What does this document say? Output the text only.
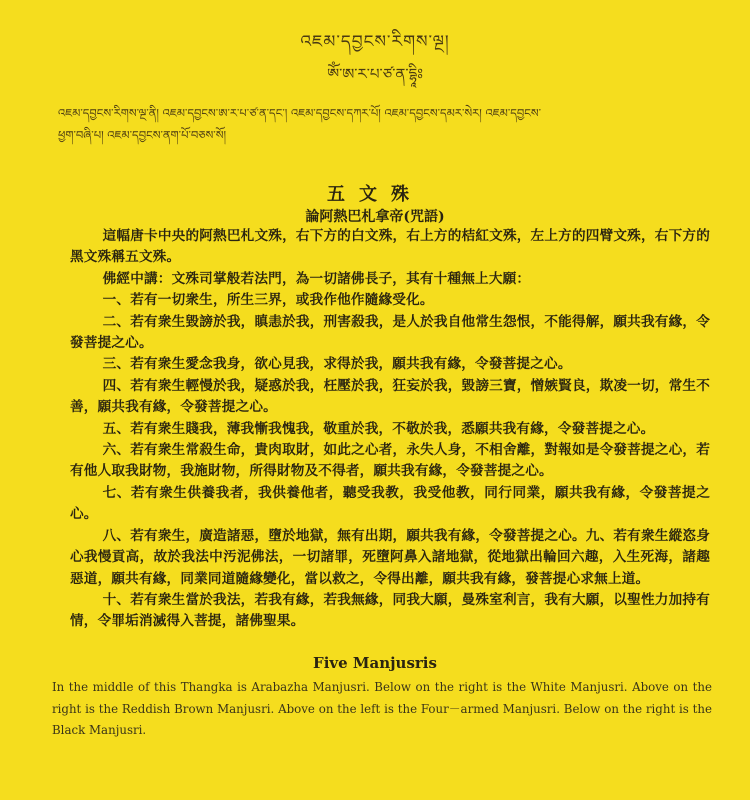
འཇམ་དབྱངས་རིགས་ལྔ།
ཨོཾ་ཨ་ར་པ་ཙ་ན་དྷཱིཿ
འཇམ་དབྱངས་རིགས་ལྔ་ནི། འཇམ་དབྱངས་ཨ་ར་པ་ཙ་ན་དང་། འཇམ་དབྱངས་དཀར་པོ། འཇམ་དབྱངས་དམར་སེར། འཇམ་དབྱངས་
ཕྱག་བཞི་པ། འཇམ་དབྱངས་ནག་པོ་བཅས་སོ།
五文殊
論阿熱巴札拿帝(咒語)

這幅唐卡中央的阿熱巴札文殊，右下方的白文殊，右上方的桔紅文殊，左上方的四臂文殊，右下方的黑文殊稱五文殊。

佛經中講：文殊司掌般若法門，為一切諸佛長子，其有十種無上大願：

一、若有一切衆生，所生三界，或我作他作隨緣受化。

二、若有衆生毀謗於我，瞋恚於我，刑害殺我，是人於我自他常生怨恨，不能得解，願共我有緣，令發菩提之心。

三、若有衆生愛念我身，欲心見我，求得於我，願共我有緣，令發菩提之心。

四、若有衆生輕慢於我，疑惑於我，枉壓於我，狂妄於我，毀謗三寶，憎嫉賢良，欺凌一切，常生不善，願共我有緣，令發菩提之心。

五、若有衆生賤我，薄我慚我愧我，敬重於我，不敬於我，悉願共我有緣，令發菩提之心。

六、若有衆生常殺生命，貴肉取財，如此之心者，永失人身，不相舍離，對報如是令發菩提之心，若有他人取我財物，我施財物，所得財物及不得者，願共我有緣，令發菩提之心。

七、若有衆生供養我者，我供養他者，聽受我教，我受他教，同行同業，願共我有緣，令發菩提之心。

八、若有衆生，廣造諸惡，墮於地獄，無有出期，願共我有緣，令發菩提之心。九、若有衆生縱恣身心我慢貢高，故於我法中汚泥佛法，一切諸罪，死墮阿鼻入諸地獄，從地獄出輪回六趣，入生死海，諸趣惡道，願共有緣，同業同道隨緣變化，當以救之，令得出離，願共我有緣，發菩提心求無上道。

十、若有衆生當於我法，若我有緣，若我無緣，同我大願，曼殊室利言，我有大願，以聖性力加持有情，令罪垢消滅得入菩提，諸佛聖果。

Five Manjusris
In the middle of this Thangka is Arabazha Manjusri. Below on the right is the White Manjusri. Above on the right is the Reddish Brown Manjusri. Above on the left is the Four－armed Manjusri. Below on the right is the Black Manjusri.
